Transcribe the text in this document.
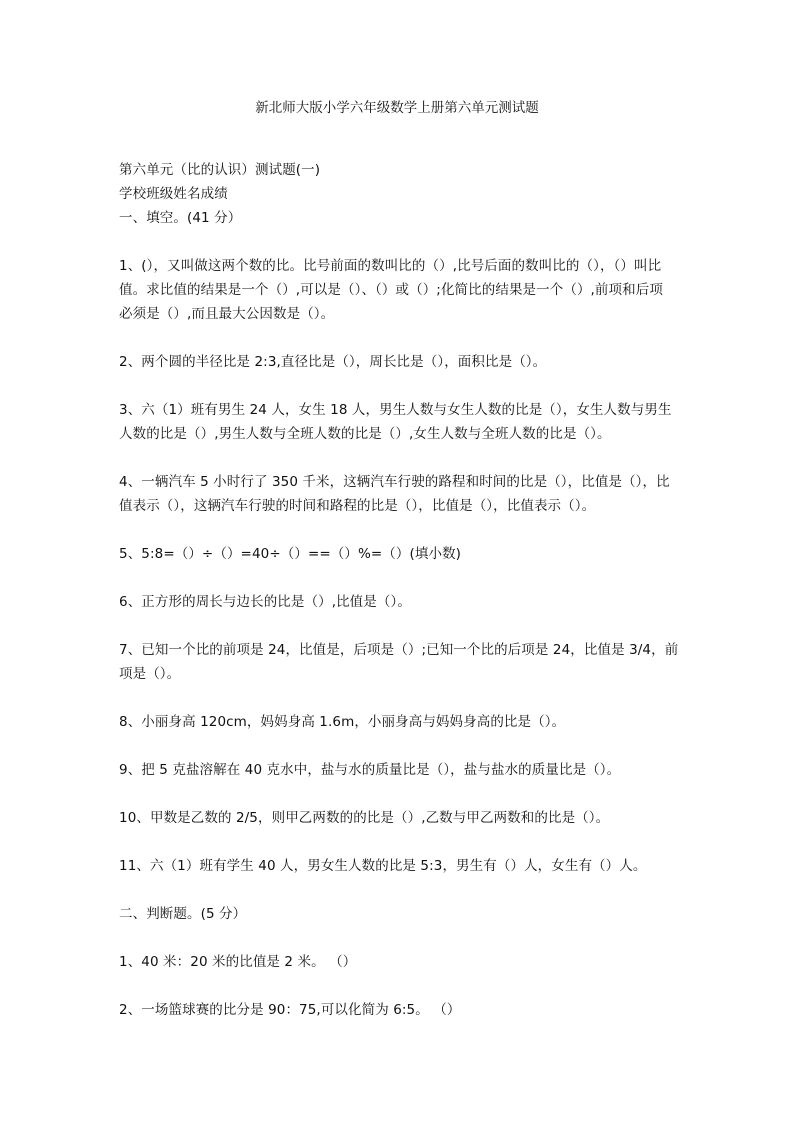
新北师大版小学六年级数学上册第六单元测试题

第六单元（比的认识）测试题(一)

学校班级姓名成绩

一、填空。(41 分）

1、(），又叫做这两个数的比。比号前面的数叫比的（）,比号后面的数叫比的（），（）叫比

值。求比值的结果是一个（）,可以是（）、（）或（）;化简比的结果是一个（）,前项和后项

必须是（）,而且最大公因数是（）。

2、两个圆的半径比是 2:3,直径比是（），周长比是（），面积比是（）。

3、六（1）班有男生 24 人，女生 18 人，男生人数与女生人数的比是（），女生人数与男生

人数的比是（）,男生人数与全班人数的比是（）,女生人数与全班人数的比是（）。

4、一辆汽车 5 小时行了 350 千米，这辆汽车行驶的路程和时间的比是（），比值是（），比

值表示（），这辆汽车行驶的时间和路程的比是（），比值是（），比值表示（）。

5、5:8=（）÷（）=40÷（）==（）%=（）(填小数)

6、正方形的周长与边长的比是（）,比值是（）。

7、已知一个比的前项是 24，比值是，后项是（）;已知一个比的后项是 24，比值是 3/4，前

项是（）。

8、小丽身高 120cm，妈妈身高 1.6m，小丽身高与妈妈身高的比是（）。

9、把 5 克盐溶解在 40 克水中，盐与水的质量比是（），盐与盐水的质量比是（）。

10、甲数是乙数的 2/5，则甲乙两数的的比是（）,乙数与甲乙两数和的比是（）。

11、六（1）班有学生 40 人，男女生人数的比是 5:3，男生有（）人，女生有（）人。

二、判断题。(5 分）

1、40 米：20 米的比值是 2 米。 （）

2、一场篮球赛的比分是 90：75,可以化简为 6:5。 （）
